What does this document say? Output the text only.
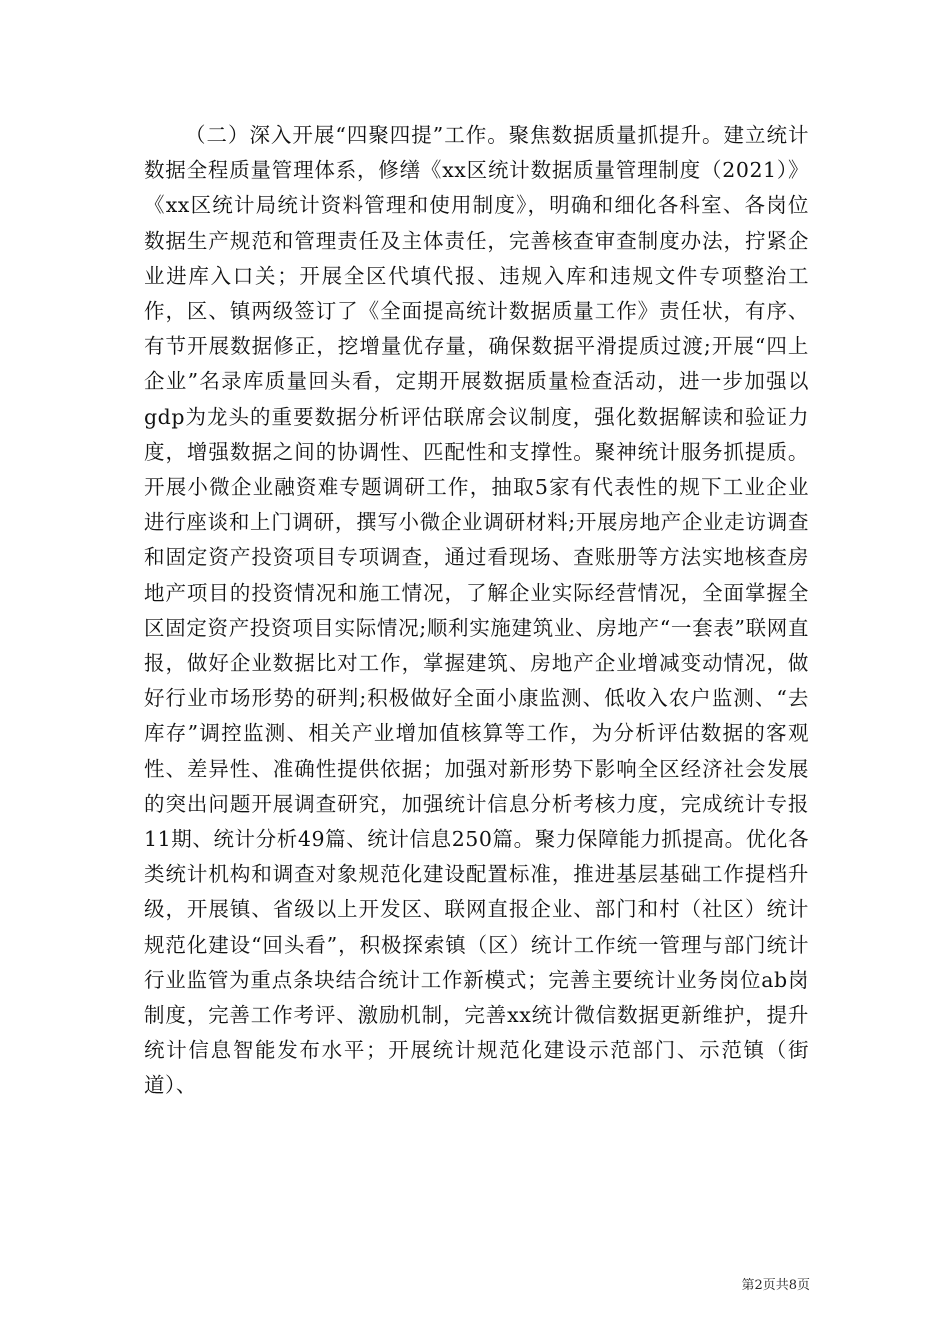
（二）深入开展“四聚四提”工作。聚焦数据质量抓提升。建立统计数据全程质量管理体系，修缮《xx区统计数据质量管理制度（2021）》《xx区统计局统计资料管理和使用制度》，明确和细化各科室、各岗位数据生产规范和管理责任及主体责任，完善核查审查制度办法，拧紧企业进库入口关；开展全区代填代报、违规入库和违规文件专项整治工作，区、镇两级签订了《全面提高统计数据质量工作》责任状，有序、有节开展数据修正，挖增量优存量，确保数据平滑提质过渡;开展“四上企业”名录库质量回头看，定期开展数据质量检查活动，进一步加强以gdp为龙头的重要数据分析评估联席会议制度，强化数据解读和验证力度，增强数据之间的协调性、匹配性和支撑性。聚神统计服务抓提质。开展小微企业融资难专题调研工作，抽取5家有代表性的规下工业企业进行座谈和上门调研，撰写小微企业调研材料;开展房地产企业走访调查和固定资产投资项目专项调查，通过看现场、查账册等方法实地核查房地产项目的投资情况和施工情况，了解企业实际经营情况，全面掌握全区固定资产投资项目实际情况;顺利实施建筑业、房地产“一套表”联网直报，做好企业数据比对工作，掌握建筑、房地产企业增减变动情况，做好行业市场形势的研判;积极做好全面小康监测、低收入农户监测、“去库存”调控监测、相关产业增加值核算等工作，为分析评估数据的客观性、差异性、准确性提供依据；加强对新形势下影响全区经济社会发展的突出问题开展调查研究，加强统计信息分析考核力度，完成统计专报11期、统计分析49篇、统计信息250篇。聚力保障能力抓提高。优化各类统计机构和调查对象规范化建设配置标准，推进基层基础工作提档升级，开展镇、省级以上开发区、联网直报企业、部门和村（社区）统计规范化建设“回头看”，积极探索镇（区）统计工作统一管理与部门统计行业监管为重点条块结合统计工作新模式；完善主要统计业务岗位ab岗制度，完善工作考评、激励机制，完善xx统计微信数据更新维护，提升统计信息智能发布水平；开展统计规范化建设示范部门、示范镇（街道）、

第2页共8页
